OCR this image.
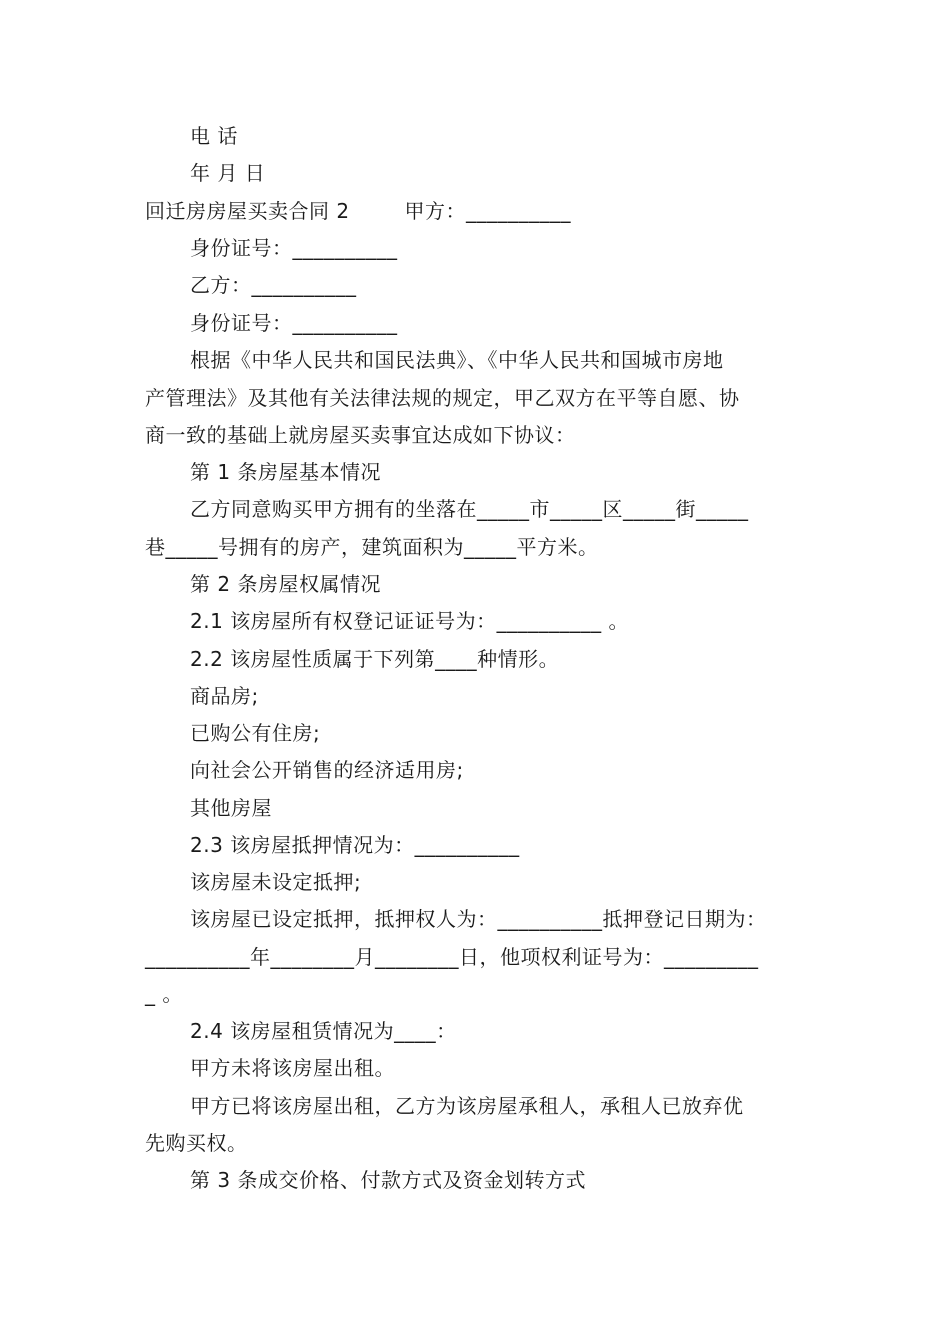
电 话
年 月 日
回迁房房屋买卖合同 2        甲方：__________
身份证号：__________
乙方：__________
身份证号：__________
根据《中华人民共和国民法典》、《中华人民共和国城市房地
产管理法》及其他有关法律法规的规定，甲乙双方在平等自愿、协
商一致的基础上就房屋买卖事宜达成如下协议：
第 1 条房屋基本情况
乙方同意购买甲方拥有的坐落在_____市_____区_____街_____
巷_____号拥有的房产，建筑面积为_____平方米。
第 2 条房屋权属情况
2.1 该房屋所有权登记证证号为：__________ 。
2.2 该房屋性质属于下列第____种情形。
商品房;
已购公有住房;
向社会公开销售的经济适用房;
其他房屋
2.3 该房屋抵押情况为：__________
该房屋未设定抵押;
该房屋已设定抵押，抵押权人为：__________抵押登记日期为：
__________年________月________日，他项权利证号为：_________
_ 。
2.4 该房屋租赁情况为____：
甲方未将该房屋出租。
甲方已将该房屋出租，乙方为该房屋承租人，承租人已放弃优
先购买权。
第 3 条成交价格、付款方式及资金划转方式
